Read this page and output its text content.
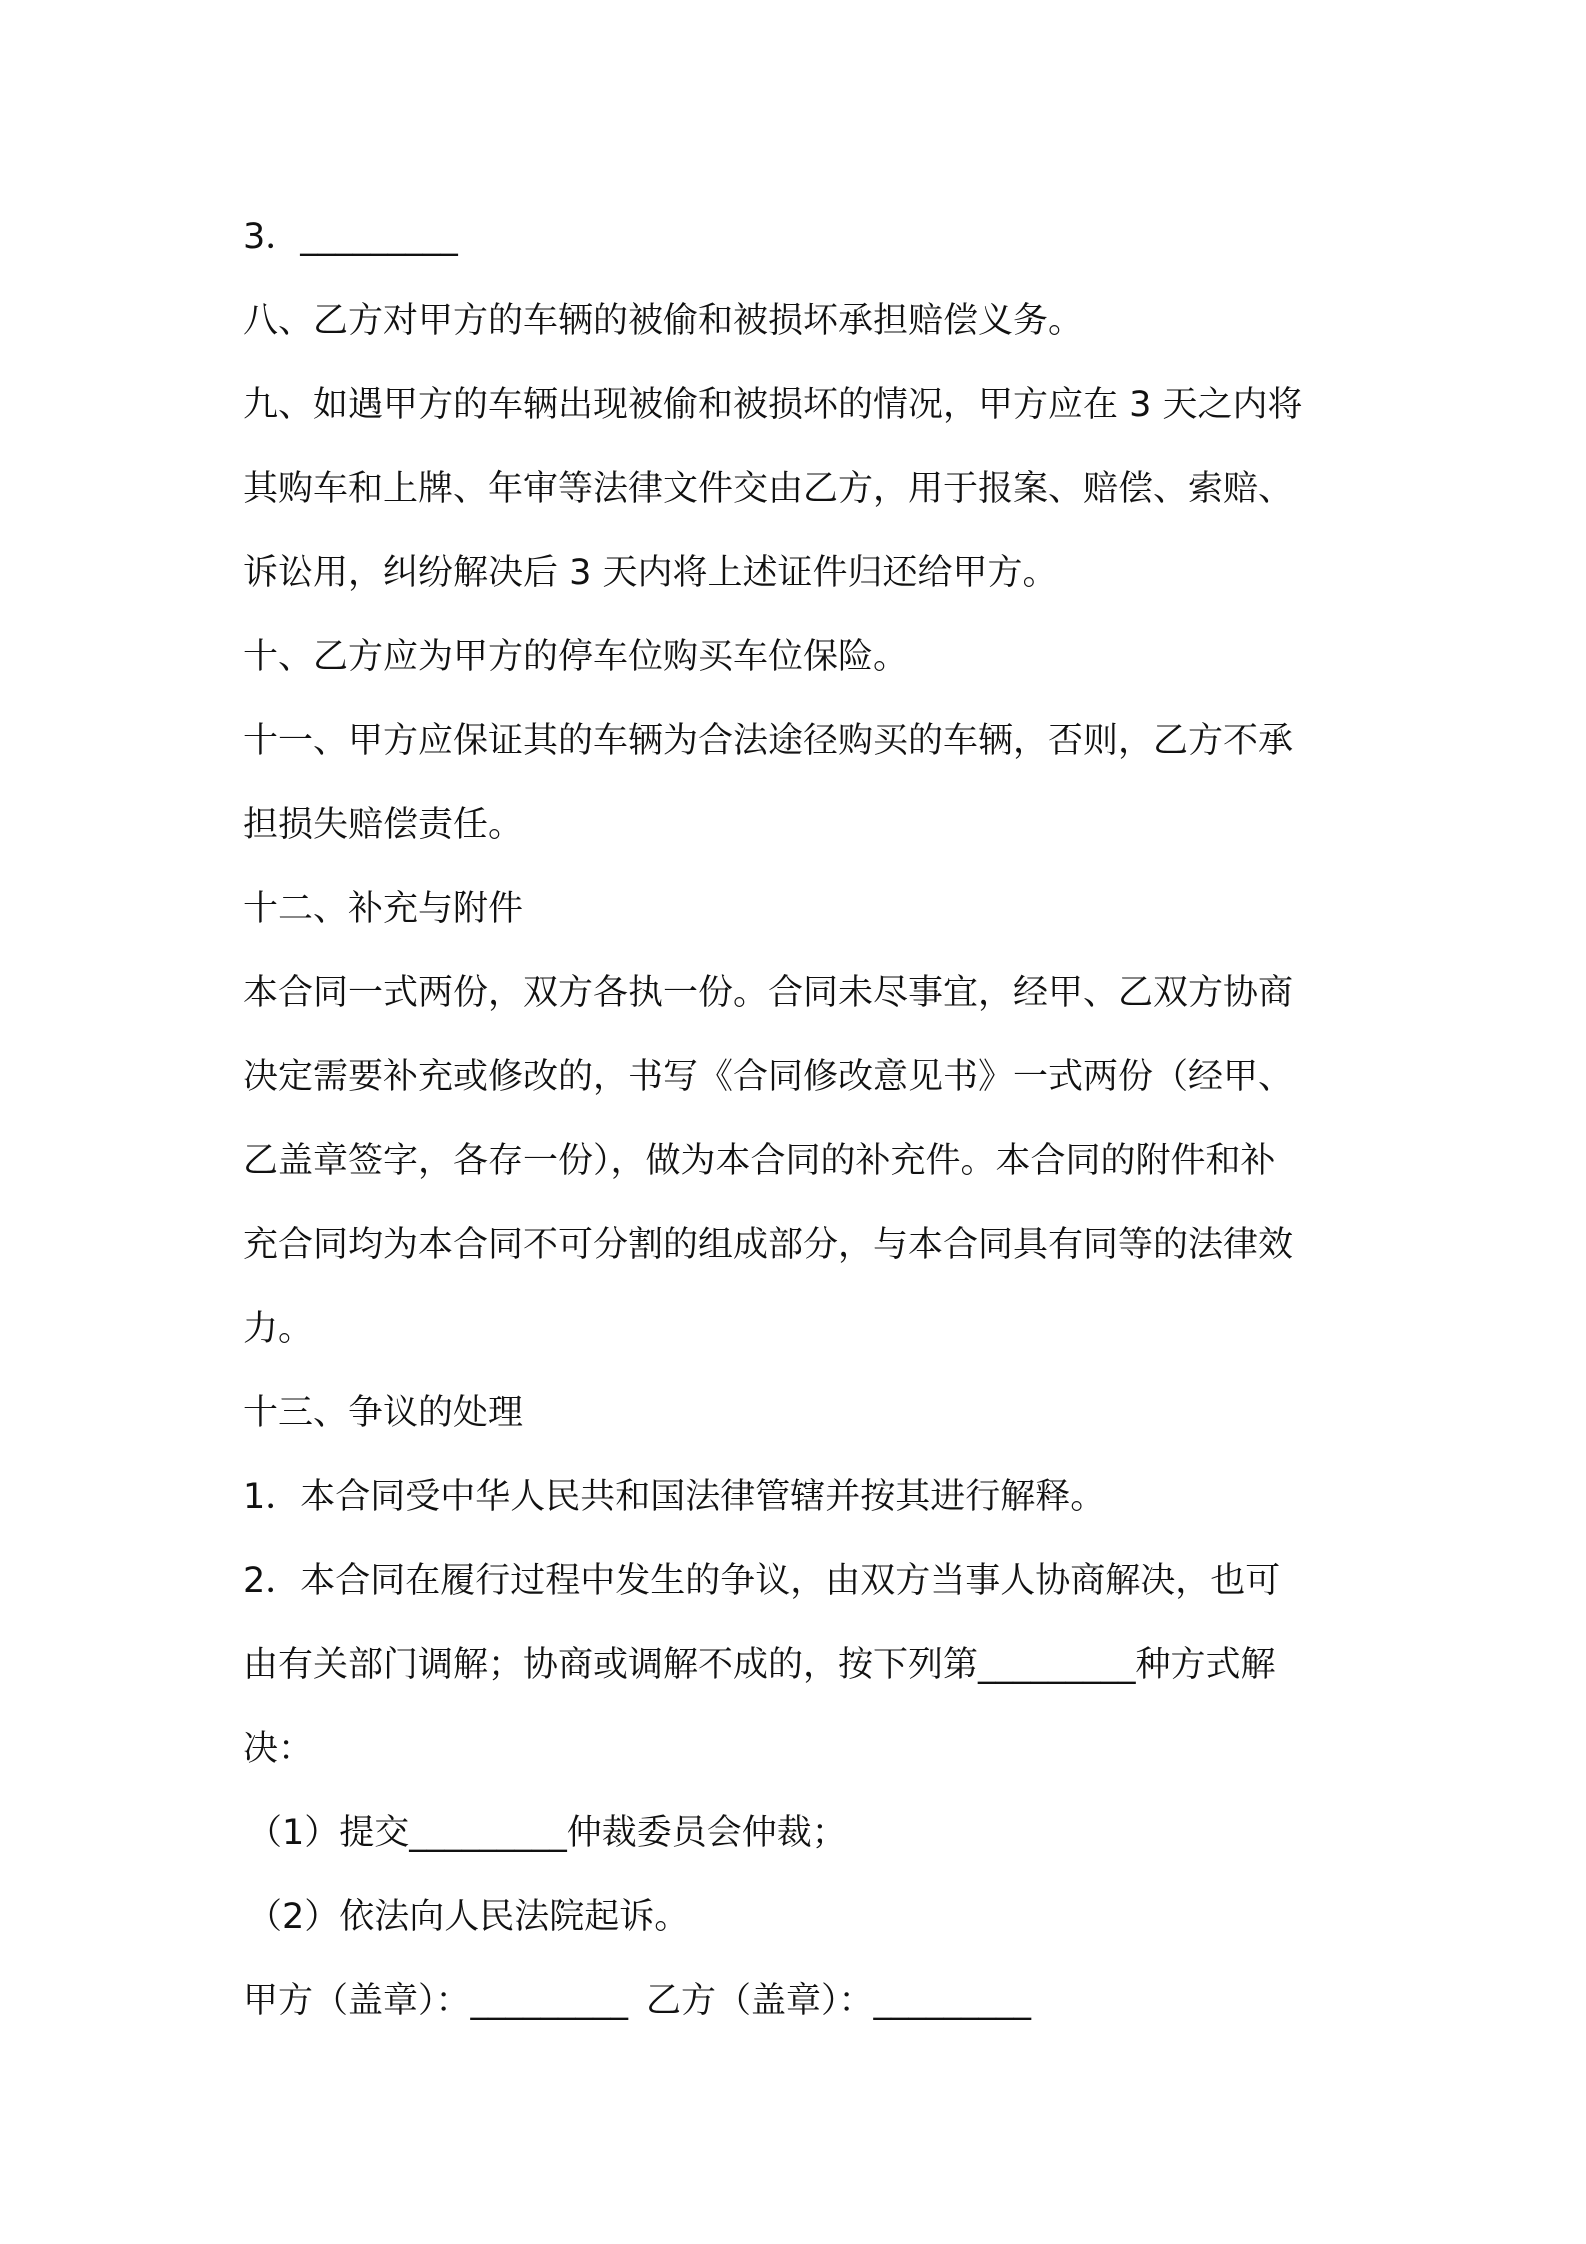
3．_________
八、乙方对甲方的车辆的被偷和被损坏承担赔偿义务。
九、如遇甲方的车辆出现被偷和被损坏的情况，甲方应在 3 天之内将
其购车和上牌、年审等法律文件交由乙方，用于报案、赔偿、索赔、
诉讼用，纠纷解决后 3 天内将上述证件归还给甲方。
十、乙方应为甲方的停车位购买车位保险。
十一、甲方应保证其的车辆为合法途径购买的车辆，否则，乙方不承
担损失赔偿责任。
十二、补充与附件
本合同一式两份，双方各执一份。合同未尽事宜，经甲、乙双方协商
决定需要补充或修改的，书写《合同修改意见书》一式两份（经甲、
乙盖章签字，各存一份），做为本合同的补充件。本合同的附件和补
充合同均为本合同不可分割的组成部分，与本合同具有同等的法律效
力。
十三、争议的处理
1．本合同受中华人民共和国法律管辖并按其进行解释。
2．本合同在履行过程中发生的争议，由双方当事人协商解决，也可
由有关部门调解；协商或调解不成的，按下列第_________种方式解
决：
（1）提交_________仲裁委员会仲裁；
（2）依法向人民法院起诉。
甲方（盖章）：_________ 乙方（盖章）：_________
